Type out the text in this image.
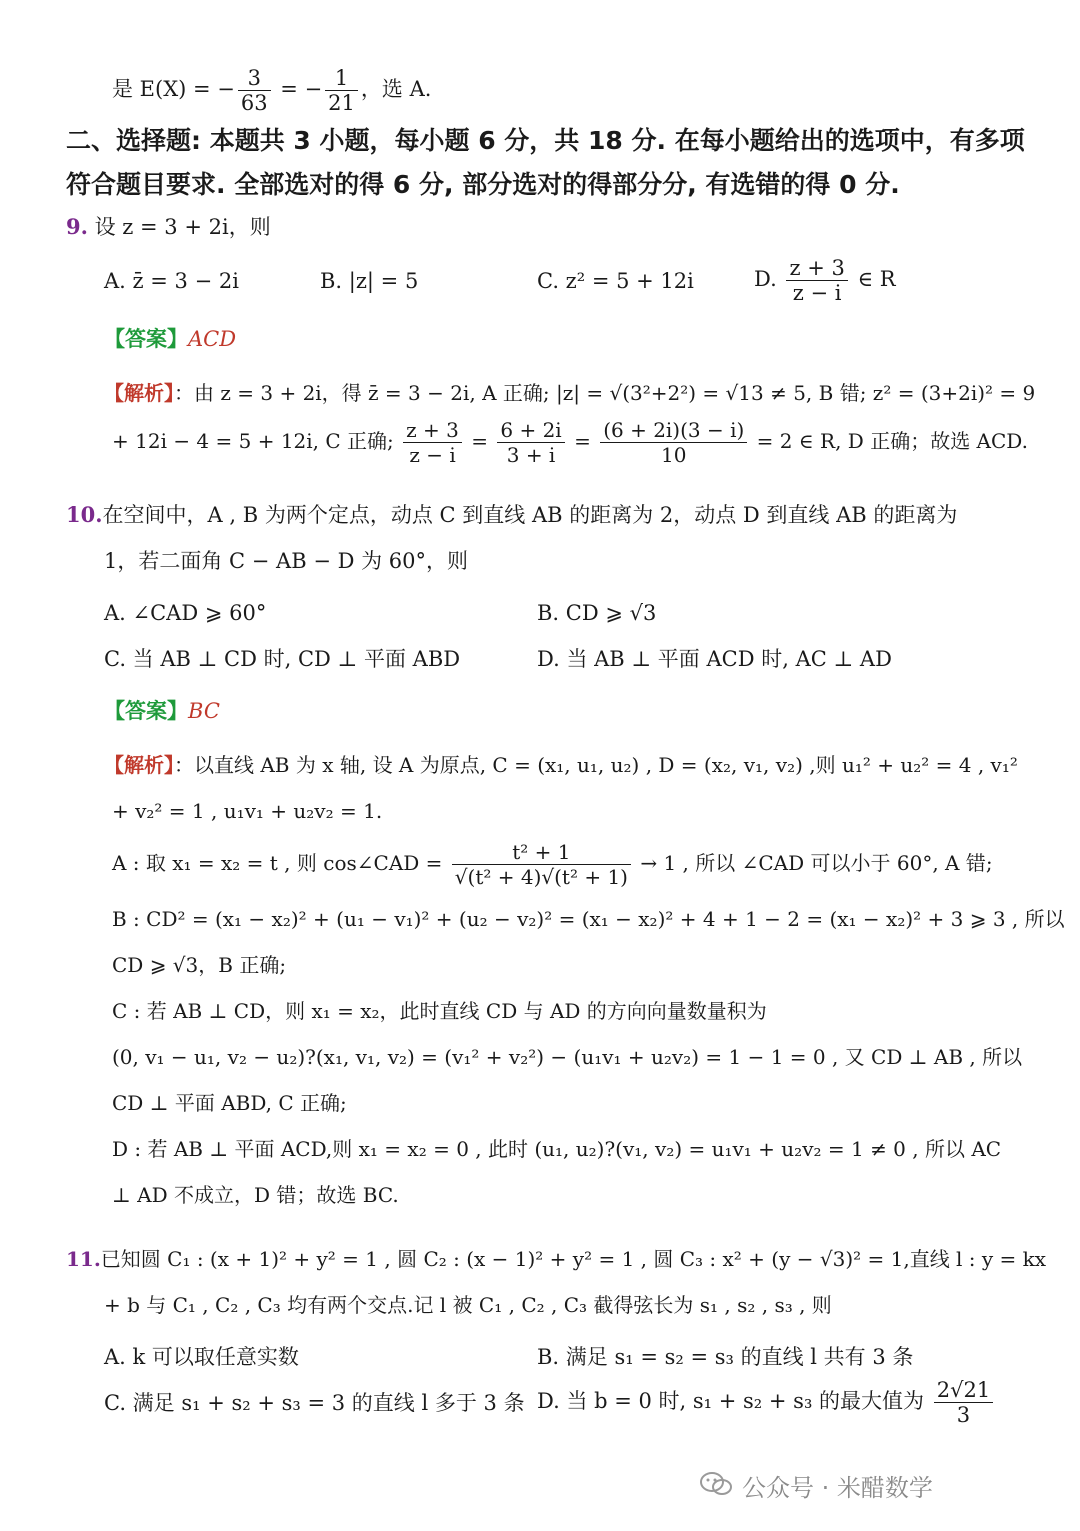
是 E(X) = − $\frac{3}{63}$ = − $\frac{1}{21}$ ，选 A.
二、选择题: 本题共 3 小题，每小题 6 分，共 18 分. 在每小题给出的选项中，有多项
符合题目要求. 全部选对的得 6 分, 部分选对的得部分分, 有选错的得 0 分.
9. 设 z = 3 + 2i，则
A. z̄ = 3 − 2i	B. |z| = 5	C. z² = 5 + 12i	D. $\frac{z + 3}{z - i}$ ∈ R
【答案】ACD
【解析】：由 z = 3 + 2i，得 z̄ = 3 − 2i, A 正确; |z| = √(3²+2²) = √13 ≠ 5, B 错; z² = (3+2i)² = 9
+ 12i − 4 = 5 + 12i, C 正确; $\frac{z + 3}{z - i} = \frac{6 + 2i}{3 + i} = \frac{(6 + 2i)(3 - i)}{10} = 2$ ∈ R, D 正确；故选 ACD.
10.在空间中，A , B 为两个定点，动点 C 到直线 AB 的距离为 2，动点 D 到直线 AB 的距离为
1，若二面角 C − AB − D 为 60°，则
A. ∠CAD ⩾ 60°	B. CD ⩾ √3
C. 当 AB ⊥ CD 时, CD ⊥ 平面 ABD	D. 当 AB ⊥ 平面 ACD 时, AC ⊥ AD
【答案】BC
【解析】：以直线 AB 为 x 轴, 设 A 为原点, C = (x₁, u₁, u₂) , D = (x₂, v₁, v₂) ,则 u₁² + u₂² = 4 , v₁²
+ v₂² = 1 , u₁v₁ + u₂v₂ = 1.
A : 取 x₁ = x₂ = t , 则 cos∠CAD = $\frac{\text{t² + 1}}{\text{√(t² + 4)√(t² + 1)}} \to 1$ , 所以 ∠CAD 可以小于 60°, A 错;
B : CD² = (x₁ − x₂)² + (u₁ − v₁)² + (u₂ − v₂)² = (x₁ − x₂)² + 4 + 1 − 2 = (x₁ − x₂)² + 3 ⩾ 3 , 所以
CD ⩾ √3，B 正确;
C : 若 AB ⊥ CD，则 x₁ = x₂，此时直线 CD 与 AD 的方向向量数量积为
(0, v₁ − u₁, v₂ − u₂)?(x₁, v₁, v₂) = (v₁² + v₂²) − (u₁v₁ + u₂v₂) = 1 − 1 = 0 , 又 CD ⊥ AB , 所以
CD ⊥ 平面 ABD, C 正确;
D : 若 AB ⊥ 平面 ACD,则 x₁ = x₂ = 0 , 此时 (u₁, u₂)?(v₁, v₂) = u₁v₁ + u₂v₂ = 1 ≠ 0 , 所以 AC
⊥ AD 不成立，D 错；故选 BC.
11.已知圆 C₁ : (x + 1)² + y² = 1 , 圆 C₂ : (x − 1)² + y² = 1 , 圆 C₃ : x² + (y − √3)² = 1,直线 l : y = kx
+ b 与 C₁ , C₂ , C₃ 均有两个交点.记 l 被 C₁ , C₂ , C₃ 截得弦长为 s₁ , s₂ , s₃ , 则
A. k 可以取任意实数	B. 满足 s₁ = s₂ = s₃ 的直线 l 共有 3 条
C. 满足 s₁ + s₂ + s₃ = 3 的直线 l 多于 3 条 D. 当 b = 0 时, s₁ + s₂ + s₃ 的最大值为 $\frac{2√21}{3}$
公众号 · 米醋数学
